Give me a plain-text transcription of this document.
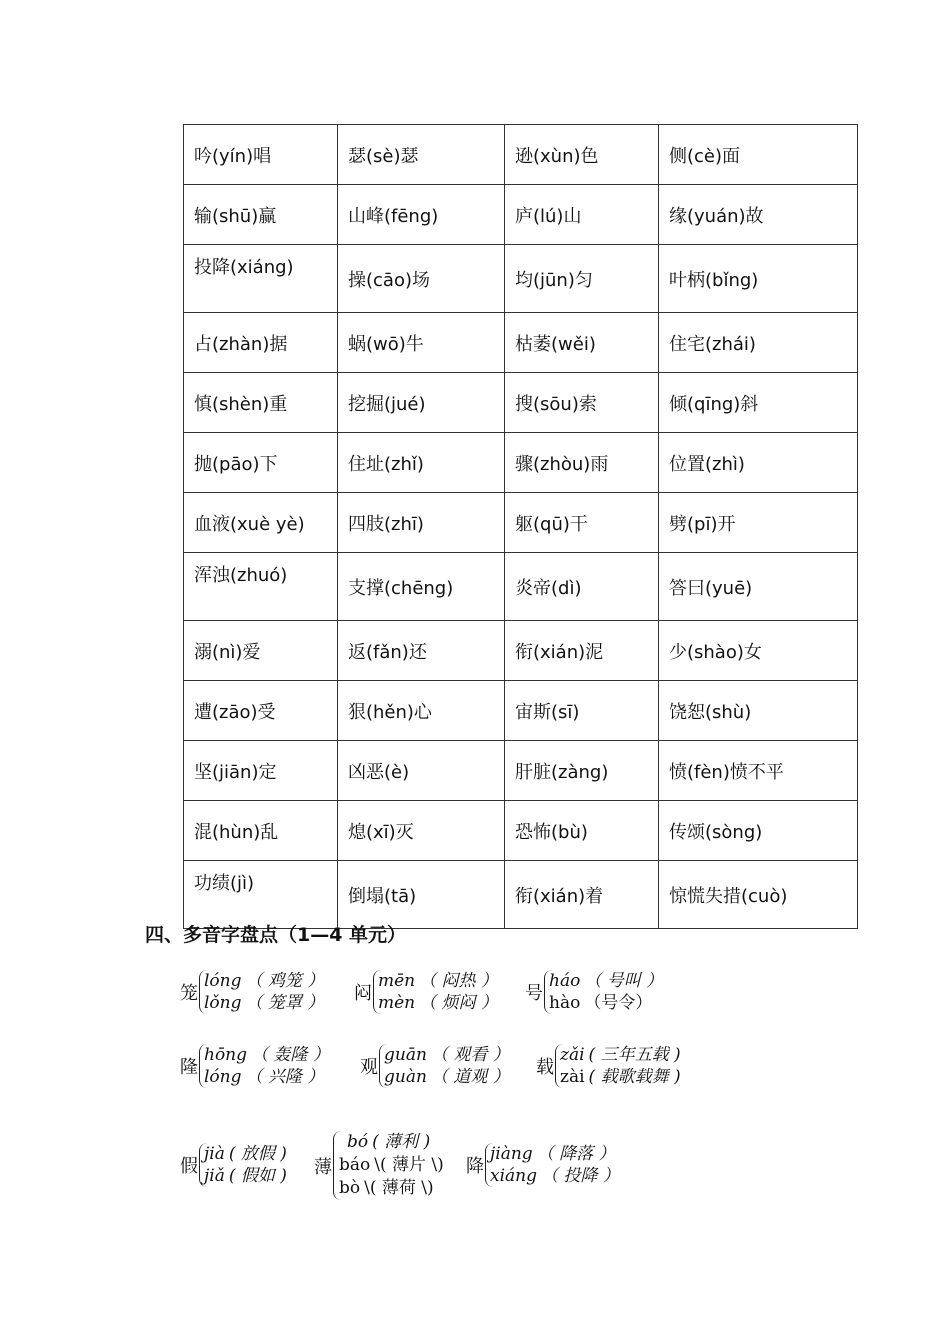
吟(yín)唱	瑟(sè)瑟	逊(xùn)色	侧(cè)面
输(shū)赢	山峰(fēng)	庐(lú)山	缘(yuán)故
投降(xiáng)	操(cāo)场	均(jūn)匀	叶柄(bǐng)
占(zhàn)据	蜗(wō)牛	枯萎(wěi)	住宅(zhái)
慎(shèn)重	挖掘(jué)	搜(sōu)索	倾(qīng)斜
抛(pāo)下	住址(zhǐ)	骤(zhòu)雨	位置(zhì)
血液(xuè yè)	四肢(zhī)	躯(qū)干	劈(pī)开
浑浊(zhuó)	支撑(chēng)	炎帝(dì)	答曰(yuē)
溺(nì)爱	返(fǎn)还	衔(xián)泥	少(shào)女
遭(zāo)受	狠(hěn)心	宙斯(sī)	饶恕(shù)
坚(jiān)定	凶恶(è)	肝脏(zàng)	愤(fèn)愤不平
混(hùn)乱	熄(xī)灭	恐怖(bù)	传颂(sòng)
功绩(jì)	倒塌(tā)	衔(xián)着	惊慌失措(cuò)
四、多音字盘点（1—4 单元）
笼
lóng （ 鸡笼 ）
lǒng （ 笼罩 ） 闷
mēn （ 闷热 ）
mèn （ 烦闷 ） 号
háo （ 号叫 ）
hào （号令）
隆
hōng （ 轰隆 ）
lóng （ 兴隆 ）	观
guān （ 观看 ）
guàn （ 道观 ） 载
zǎi ( 三年五载 )
zài ( 载歌载舞 )
假
jià ( 放假 )
jiǎ ( 假如 ) 薄
bó ( 薄利 )
báo \( 薄片 \)
bò \( 薄荷 \)
降
jiàng （ 降落 ）
xiáng （ 投降 ）
